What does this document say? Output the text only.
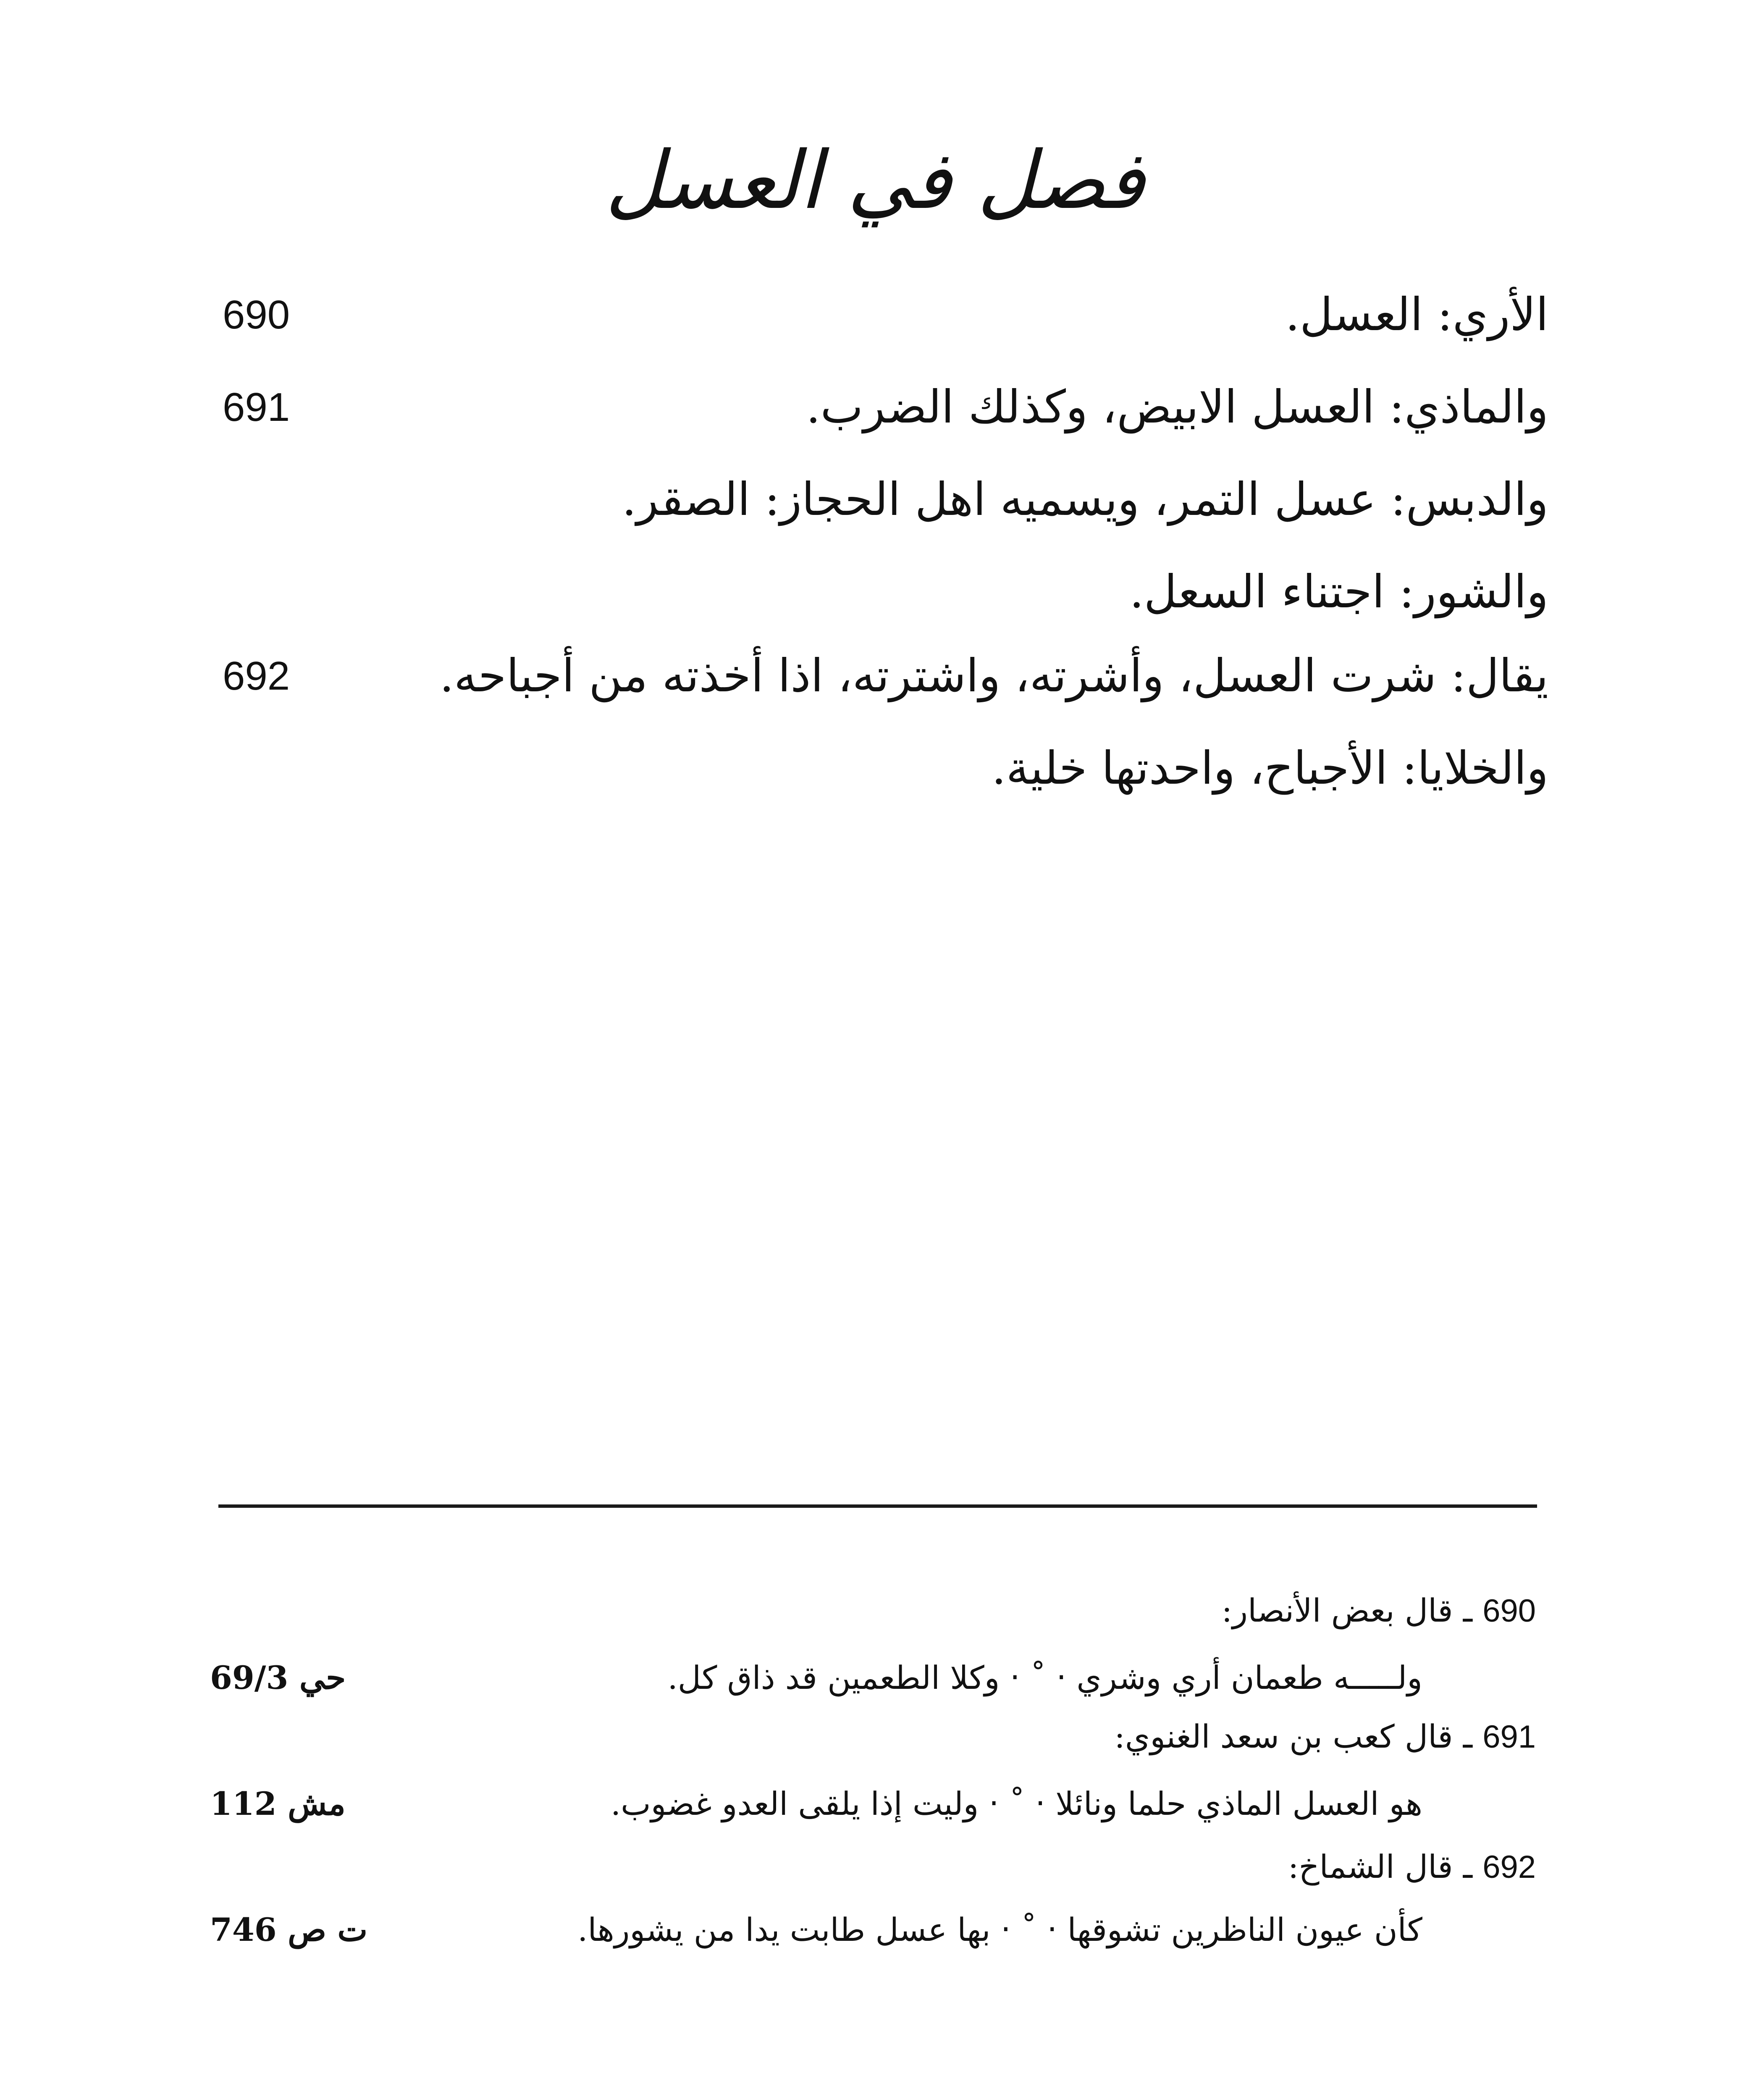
فصل في العسل
الأري: العسل.
690
والماذي: العسل الابيض، وكذلك الضرب.
691
والدبس: عسل التمر، ويسميه اهل الحجاز: الصقر.
والشور: اجتناء السعل.
يقال: شرت العسل، وأشرته، واشترته، اذا أخذته من أجباحه.
692
والخلايا: الأجباح، واحدتها خلية.
690 ـ قال بعض الأنصار:
ولـــــه طعمان أري وشري ‧ ˚ ‧ وكلا الطعمين قد ذاق كل.
حي 69/3
691 ـ قال كعب بن سعد الغنوي:
هو العسل الماذي حلما ونائلا ‧ ˚ ‧ وليت إذا يلقى العدو غضوب.
مش 112
692 ـ قال الشماخ:
كأن عيون الناظرين تشوقها ‧ ˚ ‧ بها عسل طابت يدا من يشورها.
ت ص 746
